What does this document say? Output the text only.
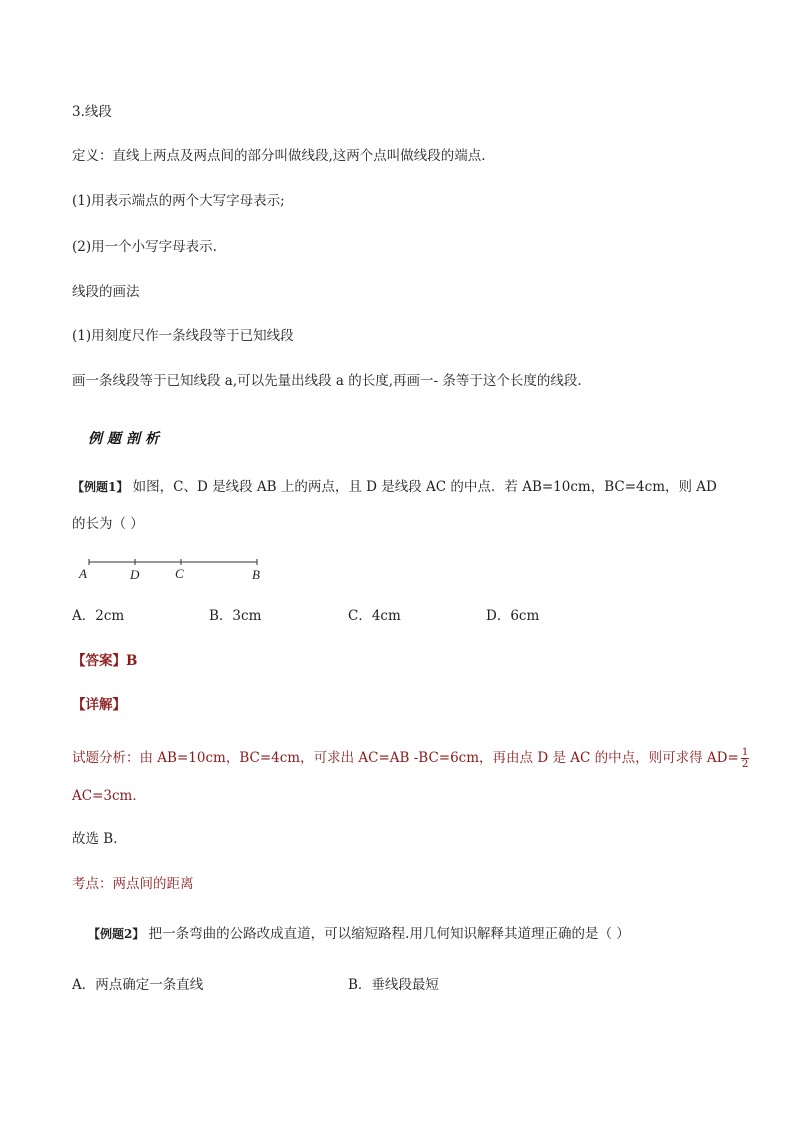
3.线段
定义：直线上两点及两点间的部分叫做线段,这两个点叫做线段的端点.
(1)用表示端点的两个大写字母表示;
(2)用一个小写字母表示.
线段的画法
(1)用刻度尺作一条线段等于已知线段
画一条线段等于已知线段 a,可以先量出线段 a 的长度,再画一- 条等于这个长度的线段.
例题剖析
【例题1】 如图，C、D 是线段 AB 上的两点，且 D 是线段 AC 的中点．若 AB=10cm，BC=4cm，则 AD
的长为（ ）
A	D	C	B
A．2cm	B．3cm	C．4cm	D．6cm
【答案】B
【详解】
试题分析：由 AB=10cm，BC=4cm，可求出 AC=AB -BC=6cm，再由点 D 是 AC 的中点，则可求得 $AD= \frac{1}{2}$
AC=3cm．
故选 B．
考点：两点间的距离
【例题2】 把一条弯曲的公路改成直道，可以缩短路程.用几何知识解释其道理正确的是（ ）
A．两点确定一条直线	B．垂线段最短
